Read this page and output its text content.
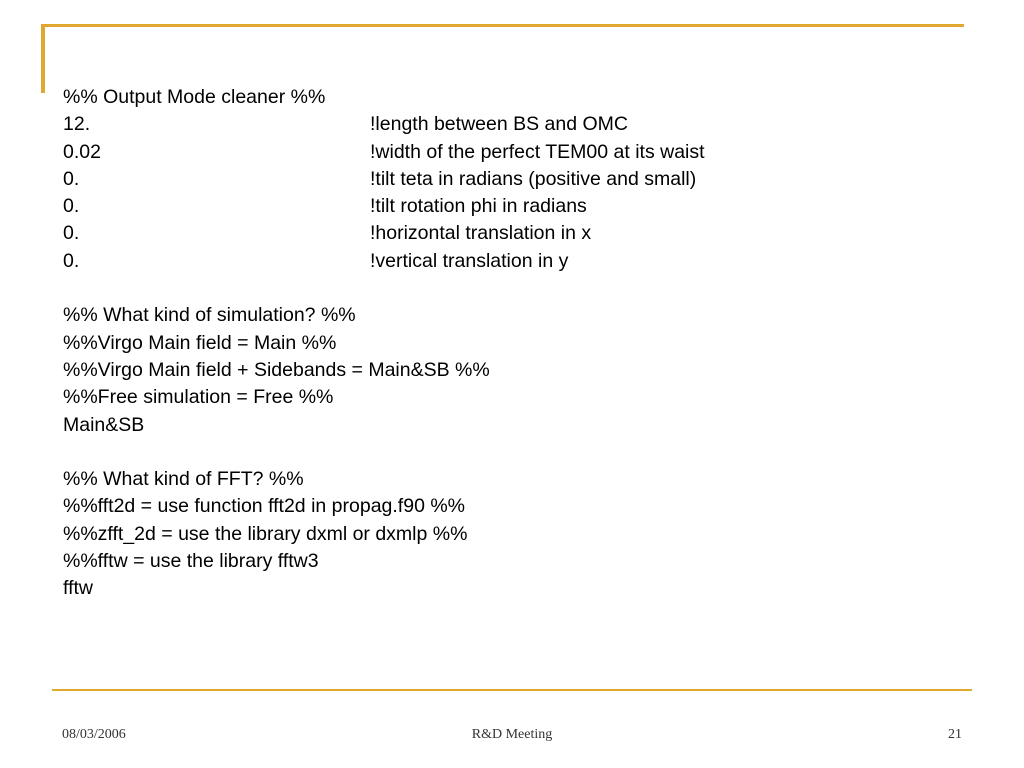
%% Output Mode cleaner %%
12.	!length between BS and OMC
0.02	!width of the perfect TEM00 at its waist
0.	!tilt teta in radians (positive and small)
0.	!tilt rotation phi in radians
0.	!horizontal translation in x
0.	!vertical translation in y
%% What kind of simulation? %%
%%Virgo Main field = Main %%
%%Virgo Main field + Sidebands = Main&SB %%
%%Free simulation = Free %%
Main&SB
%% What kind of FFT? %%
%%fft2d = use function fft2d in propag.f90 %%
%%zfft_2d = use the library dxml or dxmlp %%
%%fftw = use the library fftw3
fftw
08/03/2006	R&D Meeting	21
